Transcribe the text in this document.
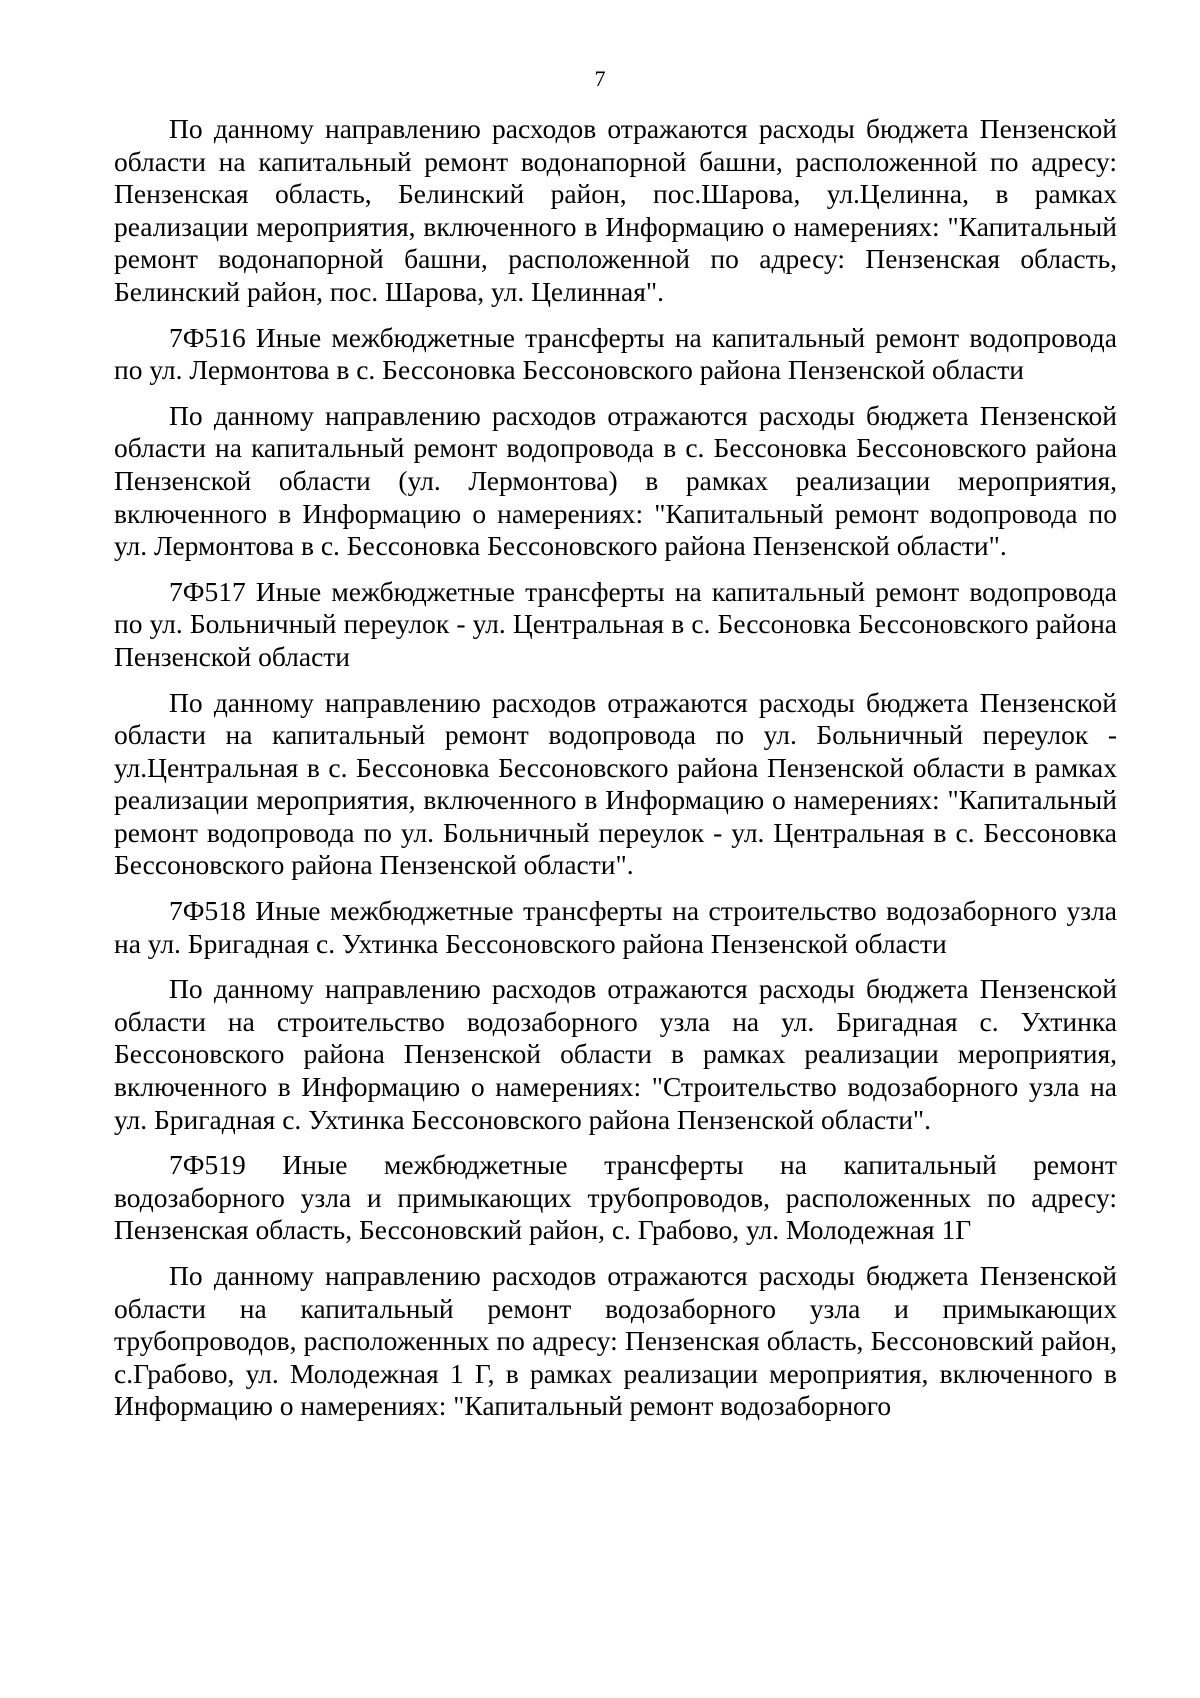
7

По данному направлению расходов отражаются расходы бюджета Пензенской области на капитальный ремонт водонапорной башни, расположенной по адресу: Пензенская область, Белинский район, пос.Шарова, ул.Целинна, в рамках реализации мероприятия, включенного в Информацию о намерениях: "Капитальный ремонт водонапорной башни, расположенной по адресу: Пензенская область, Белинский район, пос. Шарова, ул. Целинная".

7Ф516 Иные межбюджетные трансферты на капитальный ремонт водопровода по ул. Лермонтова в с. Бессоновка Бессоновского района Пензенской области

По данному направлению расходов отражаются расходы бюджета Пензенской области на капитальный ремонт водопровода в с. Бессоновка Бессоновского района Пензенской области (ул. Лермонтова) в рамках реализации мероприятия, включенного в Информацию о намерениях: "Капитальный ремонт водопровода по ул. Лермонтова в с. Бессоновка Бессоновского района Пензенской области".

7Ф517 Иные межбюджетные трансферты на капитальный ремонт водопровода по ул. Больничный переулок - ул. Центральная в с. Бессоновка Бессоновского района Пензенской области

По данному направлению расходов отражаются расходы бюджета Пензенской области на капитальный ремонт водопровода по ул. Больничный переулок - ул.Центральная в с. Бессоновка Бессоновского района Пензенской области в рамках реализации мероприятия, включенного в Информацию о намерениях: "Капитальный ремонт водопровода по ул. Больничный переулок - ул. Центральная в с. Бессоновка Бессоновского района Пензенской области".

7Ф518 Иные межбюджетные трансферты на строительство водозаборного узла на ул. Бригадная с. Ухтинка Бессоновского района Пензенской области

По данному направлению расходов отражаются расходы бюджета Пензенской области на строительство водозаборного узла на ул. Бригадная с. Ухтинка Бессоновского района Пензенской области в рамках реализации мероприятия, включенного в Информацию о намерениях: "Строительство водозаборного узла на ул. Бригадная с. Ухтинка Бессоновского района Пензенской области".

7Ф519 Иные межбюджетные трансферты на капитальный ремонт водозаборного узла и примыкающих трубопроводов, расположенных по адресу: Пензенская область, Бессоновский район, с. Грабово, ул. Молодежная 1Г

По данному направлению расходов отражаются расходы бюджета Пензенской области на капитальный ремонт водозаборного узла и примыкающих трубопроводов, расположенных по адресу: Пензенская область, Бессоновский район, с.Грабово, ул. Молодежная 1 Г, в рамках реализации мероприятия, включенного в Информацию о намерениях: "Капитальный ремонт водозаборного
